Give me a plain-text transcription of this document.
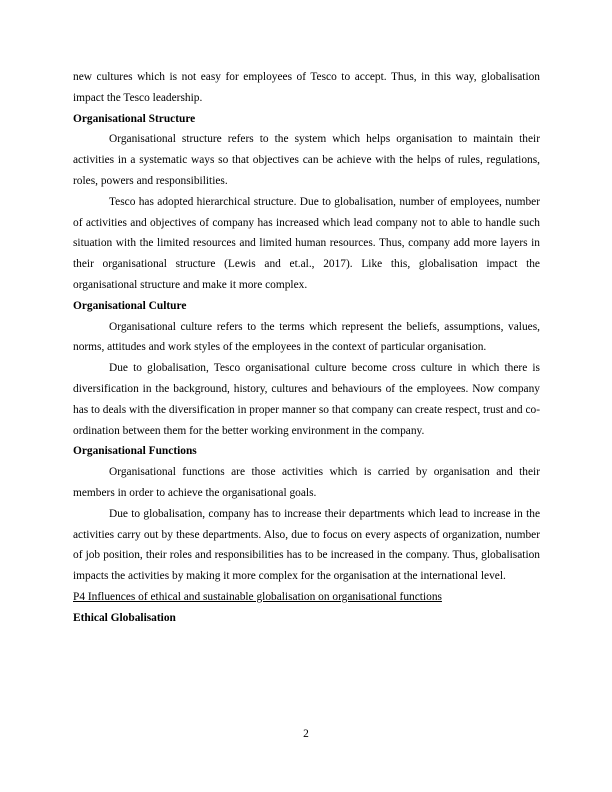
new cultures which is not easy for employees of Tesco to accept. Thus, in this way, globalisation impact the Tesco leadership.

Organisational Structure

Organisational structure refers to the system which helps organisation to maintain their activities in a systematic ways so that objectives can be achieve with the helps of rules, regulations, roles, powers and responsibilities.

Tesco has adopted hierarchical structure. Due to globalisation, number of employees, number of activities and objectives of company has increased which lead company not to able to handle such situation with the limited resources and limited human resources. Thus, company add more layers in their organisational structure (Lewis and et.al., 2017). Like this, globalisation impact the organisational structure and make it more complex.

Organisational Culture

Organisational culture refers to the terms which represent the beliefs, assumptions, values, norms, attitudes and work styles of the employees in the context of particular organisation.

Due to globalisation, Tesco organisational culture become cross culture in which there is diversification in the background, history, cultures and behaviours of the employees. Now company has to deals with the diversification in proper manner so that company can create respect, trust and co-ordination between them for the better working environment in the company.

Organisational Functions

Organisational functions are those activities which is carried by organisation and their members in order to achieve the organisational goals.

Due to globalisation, company has to increase their departments which lead to increase in the activities carry out by these departments. Also, due to focus on every aspects of organization, number of job position, their roles and responsibilities has to be increased in the company. Thus, globalisation impacts the activities by making it more complex for the organisation at the international level.

P4 Influences of ethical and sustainable globalisation on organisational functions
Ethical Globalisation
2
